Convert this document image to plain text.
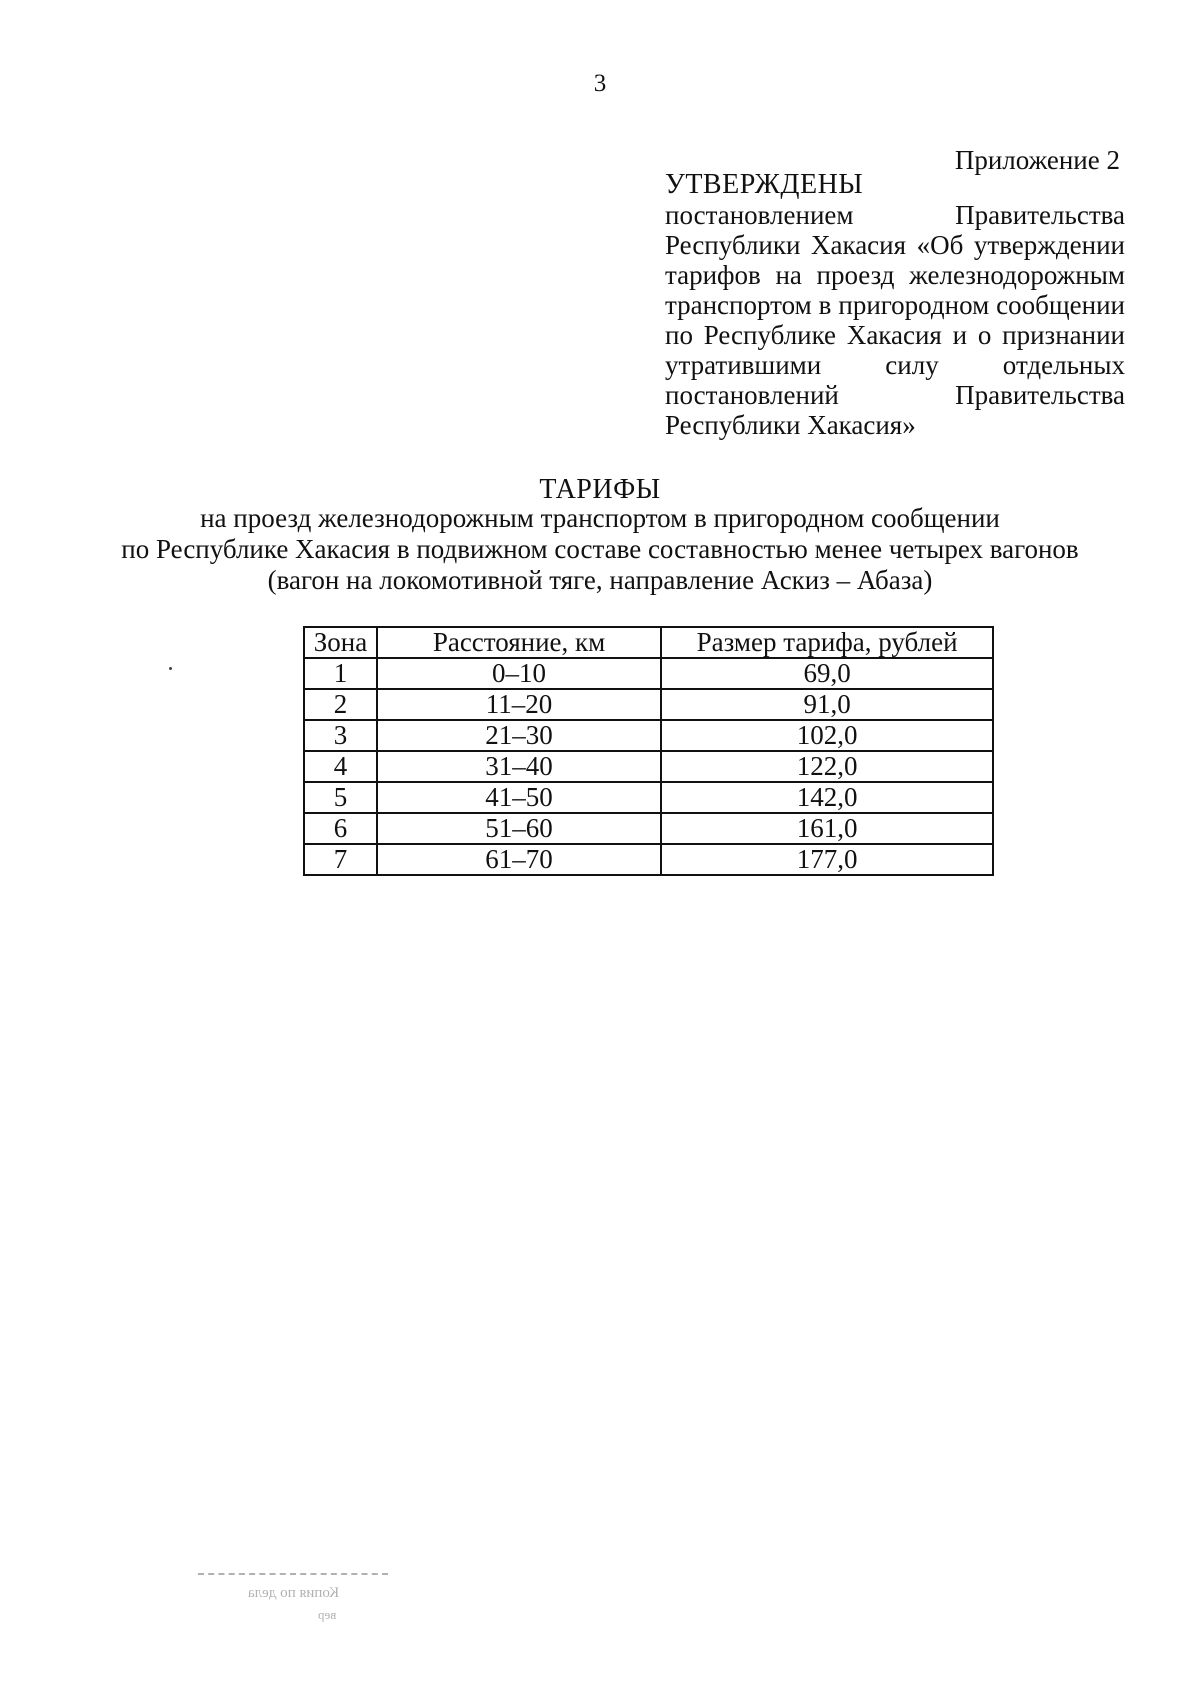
3
Приложение 2
УТВЕРЖДЕНЫ
постановлением Правительства Республики Хакасия «Об утверждении тарифов на проезд железнодорожным транспортом в пригородном сообщении по Республике Хакасия и о признании утратившими силу отдельных постановлений Правительства Республики Хакасия»
ТАРИФЫ
на проезд железнодорожным транспортом в пригородном сообщении
по Республике Хакасия в подвижном составе составностью менее четырех вагонов
(вагон на локомотивной тяге, направление Аскиз – Абаза)
Зона	Расстояние, км	Размер тарифа, рублей
1	0–10	69,0
2	11–20	91,0
3	21–30	102,0
4	31–40	122,0
5	41–50	142,0
6	51–60	161,0
7	61–70	177,0
Копия по дела
вер
